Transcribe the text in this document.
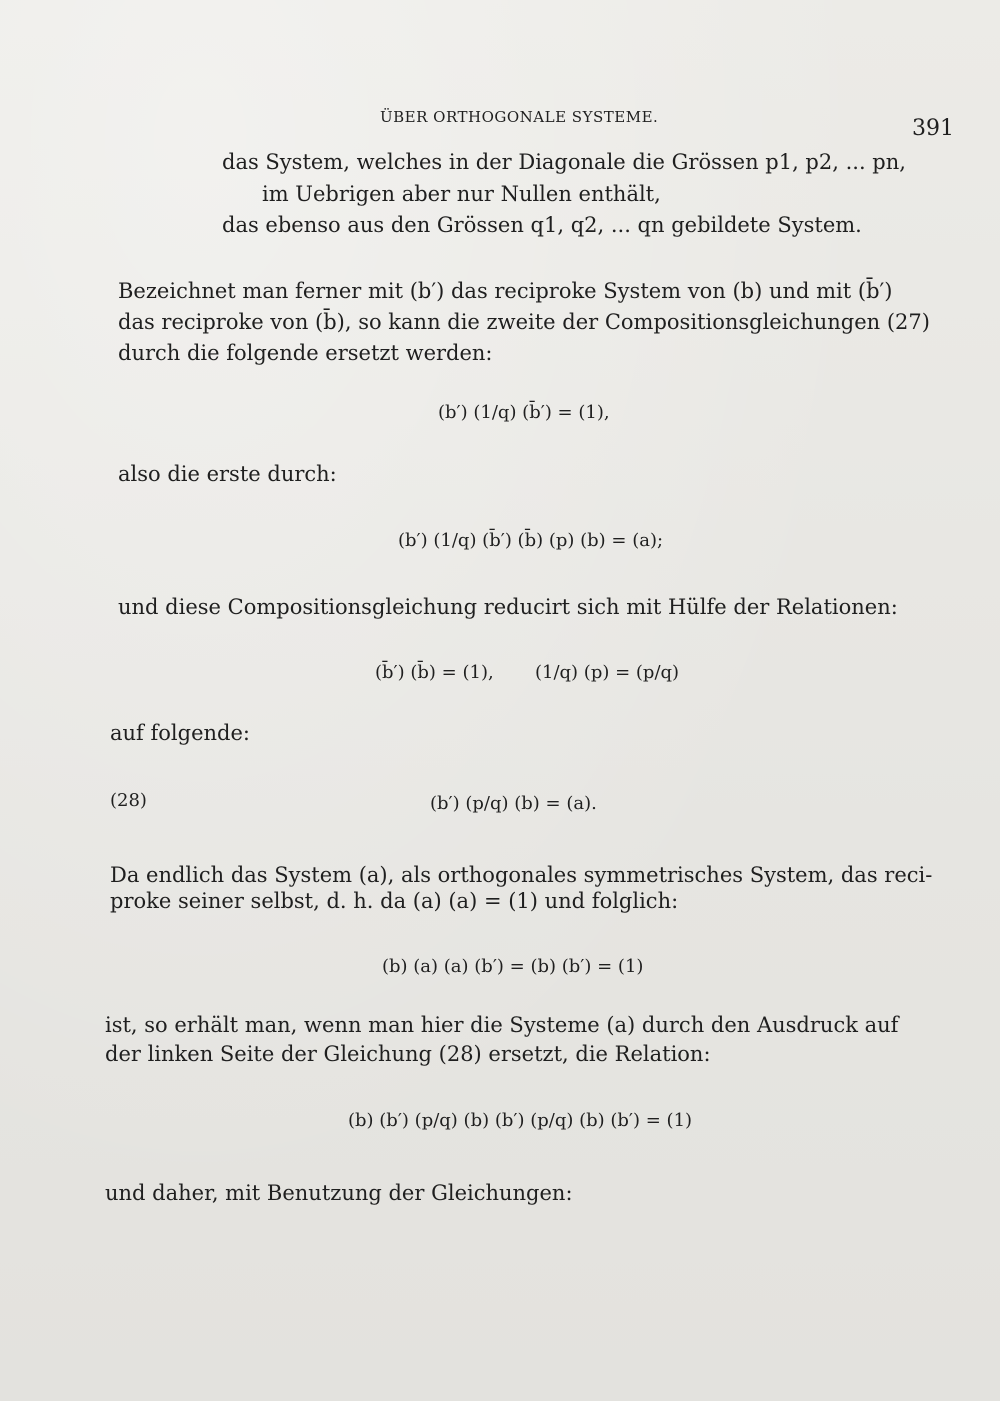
ÜBER ORTHOGONALE SYSTEME.	391
das System, welches in der Diagonale die Grössen p1, p2, ... pn,
im Uebrigen aber nur Nullen enthält,
das ebenso aus den Grössen q1, q2, ... qn gebildete System.
Bezeichnet man ferner mit (b′) das reciproke System von (b) und mit (b̄′)
das reciproke von (b̄), so kann die zweite der Compositionsgleichungen (27)
durch die folgende ersetzt werden:
(b′) (1/q) (b̄′) = (1),
also die erste durch:
(b′) (1/q) (b̄′) (b̄) (p) (b) = (a);
und diese Compositionsgleichung reducirt sich mit Hülfe der Relationen:
(b̄′) (b̄) = (1), (1/q) (p) = (p/q)
auf folgende:
(28)	(b′) (p/q) (b) = (a).
Da endlich das System (a), als orthogonales symmetrisches System, das reci-
proke seiner selbst, d. h. da (a) (a) = (1) und folglich:
(b) (a) (a) (b′) = (b) (b′) = (1)
ist, so erhält man, wenn man hier die Systeme (a) durch den Ausdruck auf
der linken Seite der Gleichung (28) ersetzt, die Relation:
(b) (b′) (p/q) (b) (b′) (p/q) (b) (b′) = (1)
und daher, mit Benutzung der Gleichungen:
